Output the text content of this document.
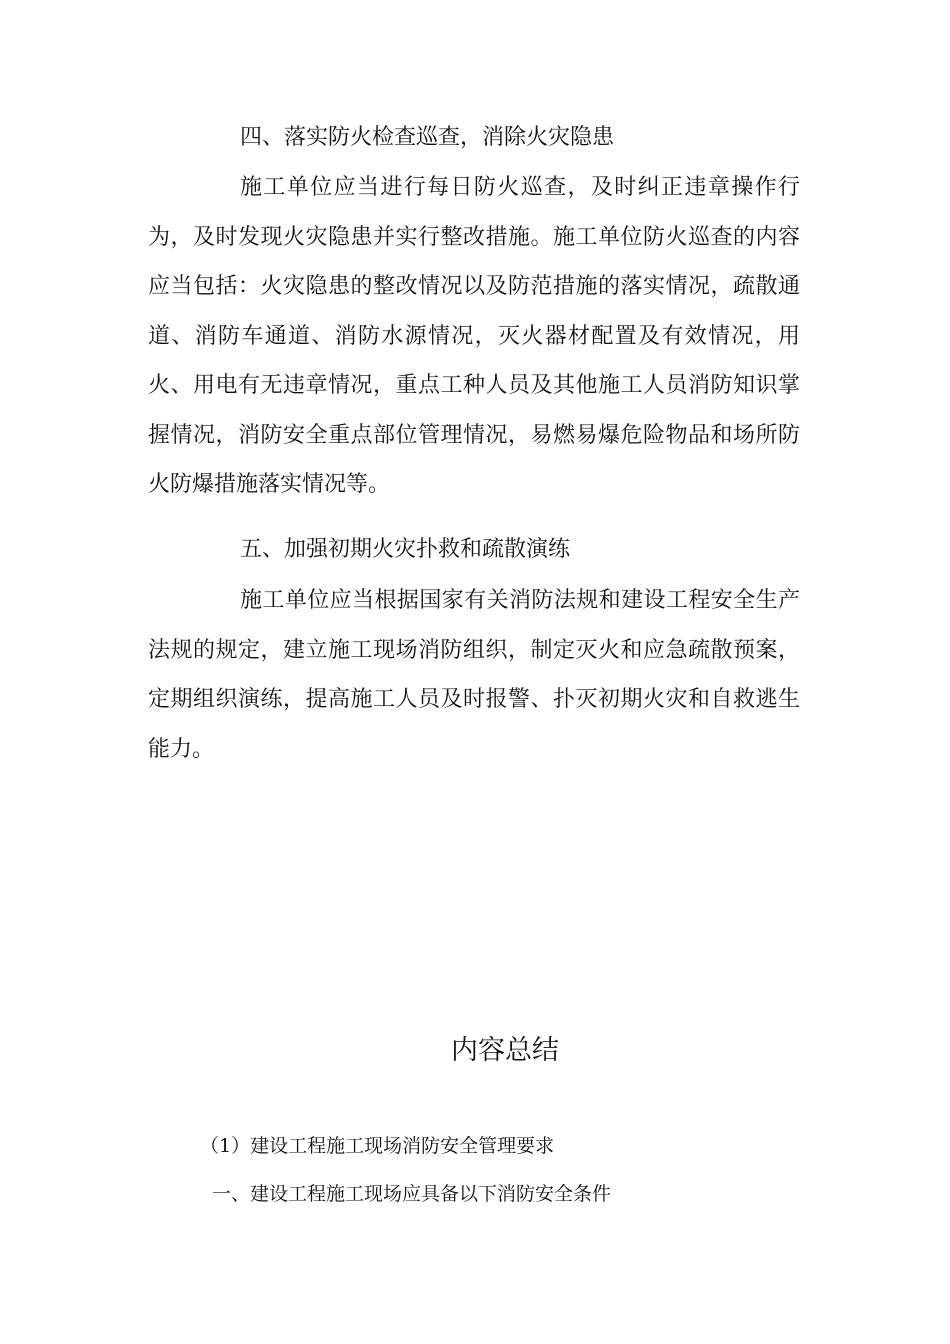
四、落实防火检查巡查，消除火灾隐患

施工单位应当进行每日防火巡查，及时纠正违章操作行为，及时发现火灾隐患并实行整改措施。施工单位防火巡查的内容应当包括：火灾隐患的整改情况以及防范措施的落实情况，疏散通道、消防车通道、消防水源情况，灭火器材配置及有效情况，用火、用电有无违章情况，重点工种人员及其他施工人员消防知识掌握情况，消防安全重点部位管理情况，易燃易爆危险物品和场所防火防爆措施落实情况等。

五、加强初期火灾扑救和疏散演练

施工单位应当根据国家有关消防法规和建设工程安全生产法规的规定，建立施工现场消防组织，制定灭火和应急疏散预案，定期组织演练，提高施工人员及时报警、扑灭初期火灾和自救逃生能力。

内容总结
（1）建设工程施工现场消防安全管理要求
一、建设工程施工现场应具备以下消防安全条件
